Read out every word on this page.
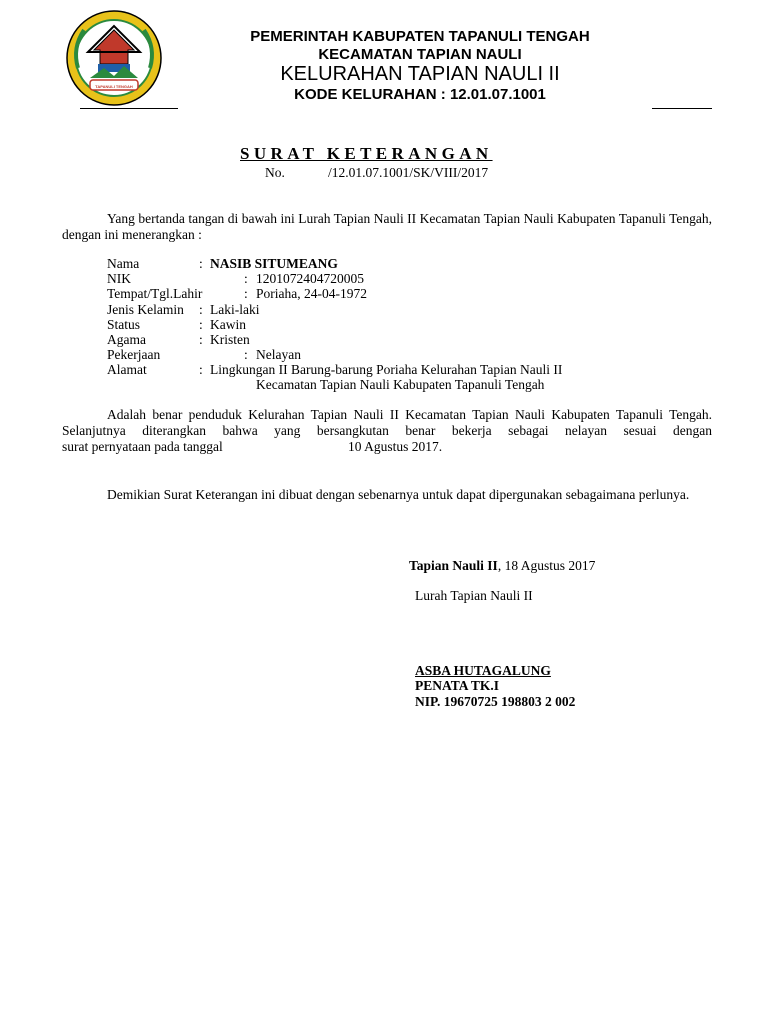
TAPANULI TENGAH
PEMERINTAH KABUPATEN TAPANULI TENGAH
KECAMATAN TAPIAN NAULI
KELURAHAN TAPIAN NAULI II
KODE KELURAHAN : 12.01.07.1001
SURAT KETERANGAN
No.	/12.01.07.1001/SK/VIII/2017
Yang bertanda tangan di bawah ini Lurah Tapian Nauli II Kecamatan Tapian Nauli Kabupaten Tapanuli Tengah, dengan ini menerangkan :
Nama	: NASIB SITUMEANG
NIK	: 1201072404720005
Tempat/Tgl.Lahir	: Poriaha, 24-04-1972
Jenis Kelamin : Laki-laki
Status	: Kawin
Agama	: Kristen
Pekerjaan	: Nelayan
Alamat	: Lingkungan II Barung-barung Poriaha Kelurahan Tapian Nauli II
Kecamatan Tapian Nauli Kabupaten Tapanuli Tengah
Adalah benar penduduk Kelurahan Tapian Nauli II Kecamatan Tapian Nauli Kabupaten Tapanuli Tengah. Selanjutnya diterangkan bahwa yang bersangkutan benar bekerja sebagai nelayan sesuai dengan
surat pernyataan pada tanggal	10 Agustus 2017.
Demikian Surat Keterangan ini dibuat dengan sebenarnya untuk dapat dipergunakan sebagaimana perlunya.
Tapian Nauli II, 18 Agustus 2017
Lurah Tapian Nauli II
ASBA HUTAGALUNG
PENATA TK.I
NIP. 19670725 198803 2 002
